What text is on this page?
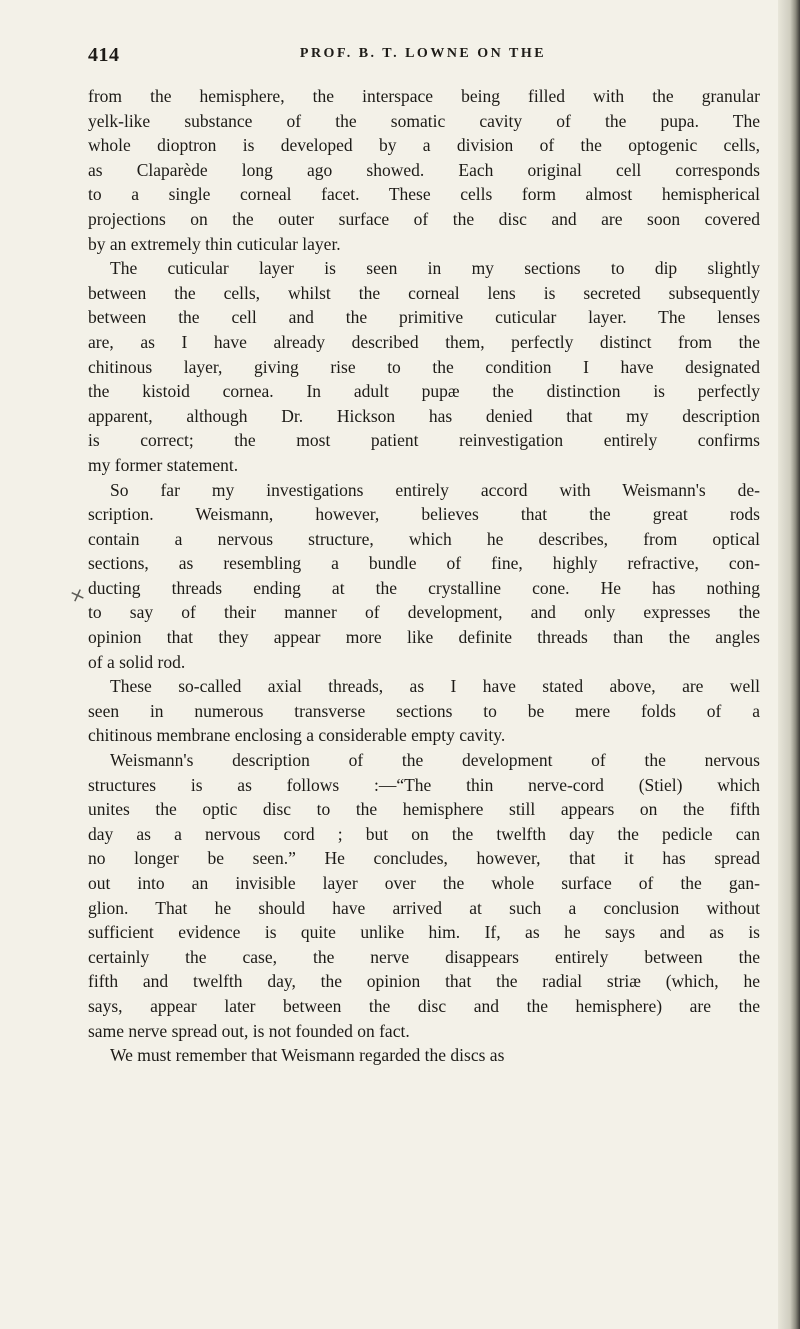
414	PROF. B. T. LOWNE ON THE
×
from the hemisphere, the interspace being filled with the granular
yelk-like substance of the somatic cavity of the pupa. The
whole dioptron is developed by a division of the optogenic cells,
as Claparède long ago showed. Each original cell corresponds
to a single corneal facet. These cells form almost hemispherical
projections on the outer surface of the disc and are soon covered
by an extremely thin cuticular layer.
The cuticular layer is seen in my sections to dip slightly
between the cells, whilst the corneal lens is secreted subsequently
between the cell and the primitive cuticular layer. The lenses
are, as I have already described them, perfectly distinct from the
chitinous layer, giving rise to the condition I have designated
the kistoid cornea. In adult pupæ the distinction is perfectly
apparent, although Dr. Hickson has denied that my description
is correct; the most patient reinvestigation entirely confirms
my former statement.
So far my investigations entirely accord with Weismann's de-
scription. Weismann, however, believes that the great rods
contain a nervous structure, which he describes, from optical
sections, as resembling a bundle of fine, highly refractive, con-
ducting threads ending at the crystalline cone. He has nothing
to say of their manner of development, and only expresses the
opinion that they appear more like definite threads than the angles
of a solid rod.
These so-called axial threads, as I have stated above, are well
seen in numerous transverse sections to be mere folds of a
chitinous membrane enclosing a considerable empty cavity.
Weismann's description of the development of the nervous
structures is as follows :—“The thin nerve-cord (Stiel) which
unites the optic disc to the hemisphere still appears on the fifth
day as a nervous cord ; but on the twelfth day the pedicle can
no longer be seen.” He concludes, however, that it has spread
out into an invisible layer over the whole surface of the gan-
glion. That he should have arrived at such a conclusion without
sufficient evidence is quite unlike him. If, as he says and as is
certainly the case, the nerve disappears entirely between the
fifth and twelfth day, the opinion that the radial striæ (which, he
says, appear later between the disc and the hemisphere) are the
same nerve spread out, is not founded on fact.
We must remember that Weismann regarded the discs as
